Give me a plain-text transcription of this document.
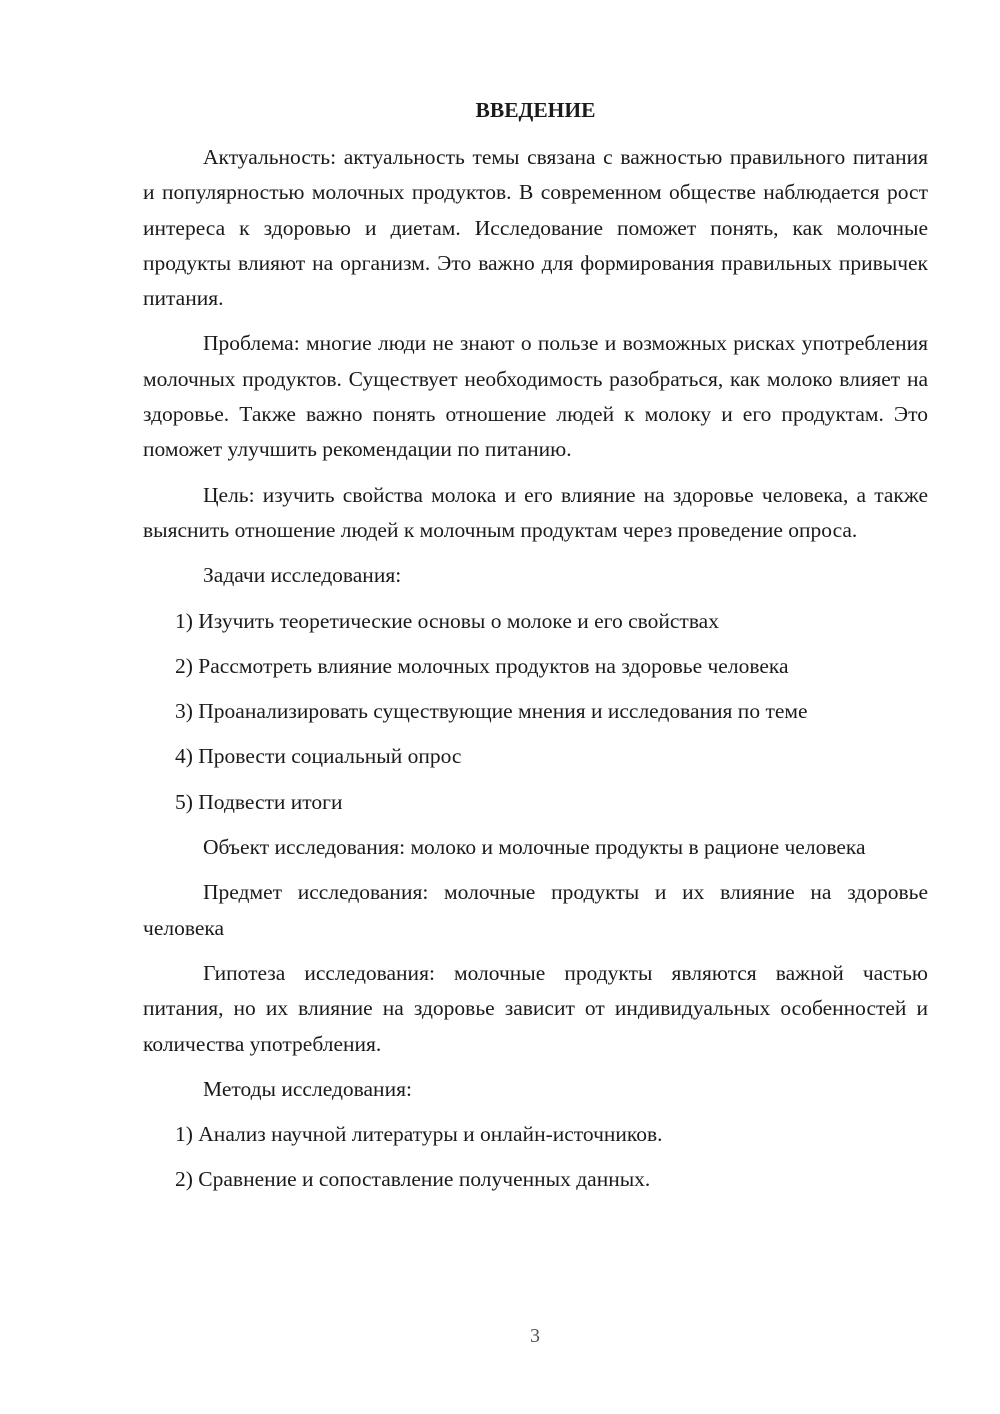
ВВЕДЕНИЕ

Актуальность: актуальность темы связана с важностью правильного питания и популярностью молочных продуктов. В современном обществе наблюдается рост интереса к здоровью и диетам. Исследование поможет понять, как молочные продукты влияют на организм. Это важно для формирования правильных привычек питания.

Проблема: многие люди не знают о пользе и возможных рисках употребления молочных продуктов. Существует необходимость разобраться, как молоко влияет на здоровье. Также важно понять отношение людей к молоку и его продуктам. Это поможет улучшить рекомендации по питанию.

Цель: изучить свойства молока и его влияние на здоровье человека, а также выяснить отношение людей к молочным продуктам через проведение опроса.

Задачи исследования:

1) Изучить теоретические основы о молоке и его свойствах
2) Рассмотреть влияние молочных продуктов на здоровье человека
3) Проанализировать существующие мнения и исследования по теме
4) Провести социальный опрос
5) Подвести итоги

Объект исследования: молоко и молочные продукты в рационе человека

Предмет исследования: молочные продукты и их влияние на здоровье человека

Гипотеза исследования: молочные продукты являются важной частью питания, но их влияние на здоровье зависит от индивидуальных особенностей и количества употребления.

Методы исследования:

1) Анализ научной литературы и онлайн-источников.
2) Сравнение и сопоставление полученных данных.
3
